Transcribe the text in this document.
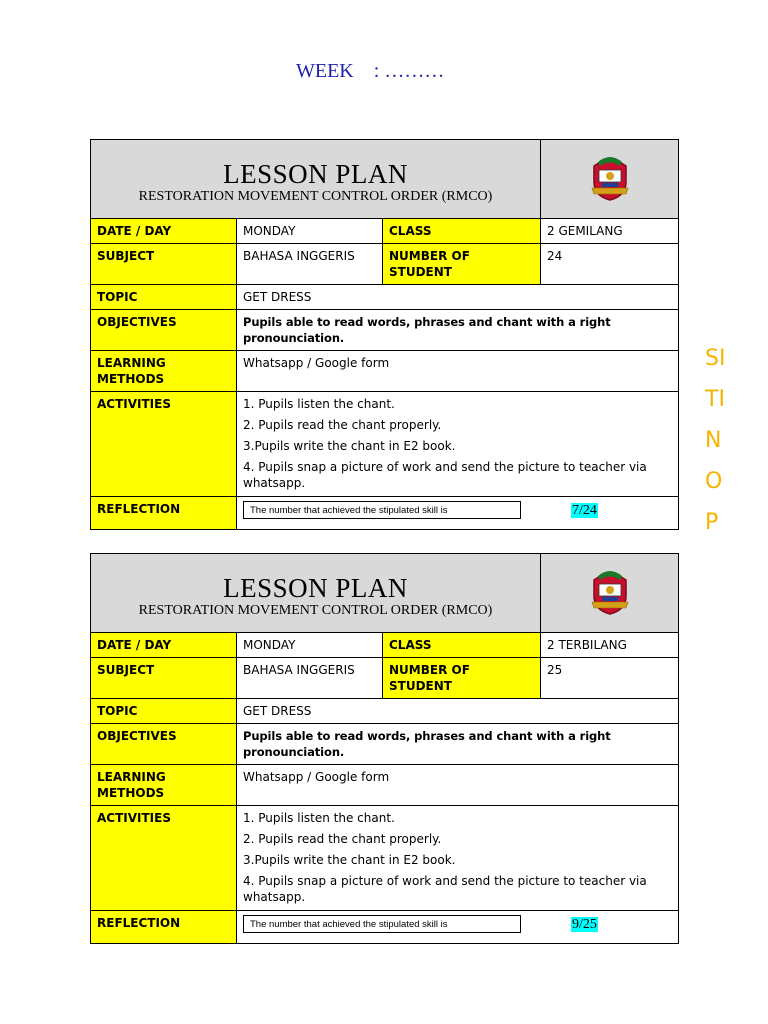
WEEK : ………
LESSON PLAN
RESTORATION MOVEMENT CONTROL ORDER (RMCO)

DATE / DAY	MONDAY	CLASS	2 GEMILANG
SUBJECT	BAHASA INGGERIS	NUMBER OF STUDENT	24
TOPIC	GET DRESS		
OBJECTIVES	Pupils able to read words, phrases and chant with a right pronounciation.		
LEARNING METHODS	Whatsapp / Google form		
ACTIVITIES	1. Pupils listen the chant.
2. Pupils read the chant properly.
3.Pupils write the chant in E2 book.
4. Pupils snap a picture of work and send the picture to teacher via whatsapp.		

REFLECTION	The number that achieved the stipulated skill is 7/24		
LESSON PLAN
RESTORATION MOVEMENT CONTROL ORDER (RMCO)

DATE / DAY	MONDAY	CLASS	2 TERBILANG
SUBJECT	BAHASA INGGERIS	NUMBER OF STUDENT	25
TOPIC	GET DRESS		
OBJECTIVES	Pupils able to read words, phrases and chant with a right pronounciation.		
LEARNING METHODS	Whatsapp / Google form		
ACTIVITIES	1. Pupils listen the chant.
2. Pupils read the chant properly.
3.Pupils write the chant in E2 book.
4. Pupils snap a picture of work and send the picture to teacher via whatsapp.		

REFLECTION	The number that achieved the stipulated skill is 9/25		
SI
TI
N
O
P
